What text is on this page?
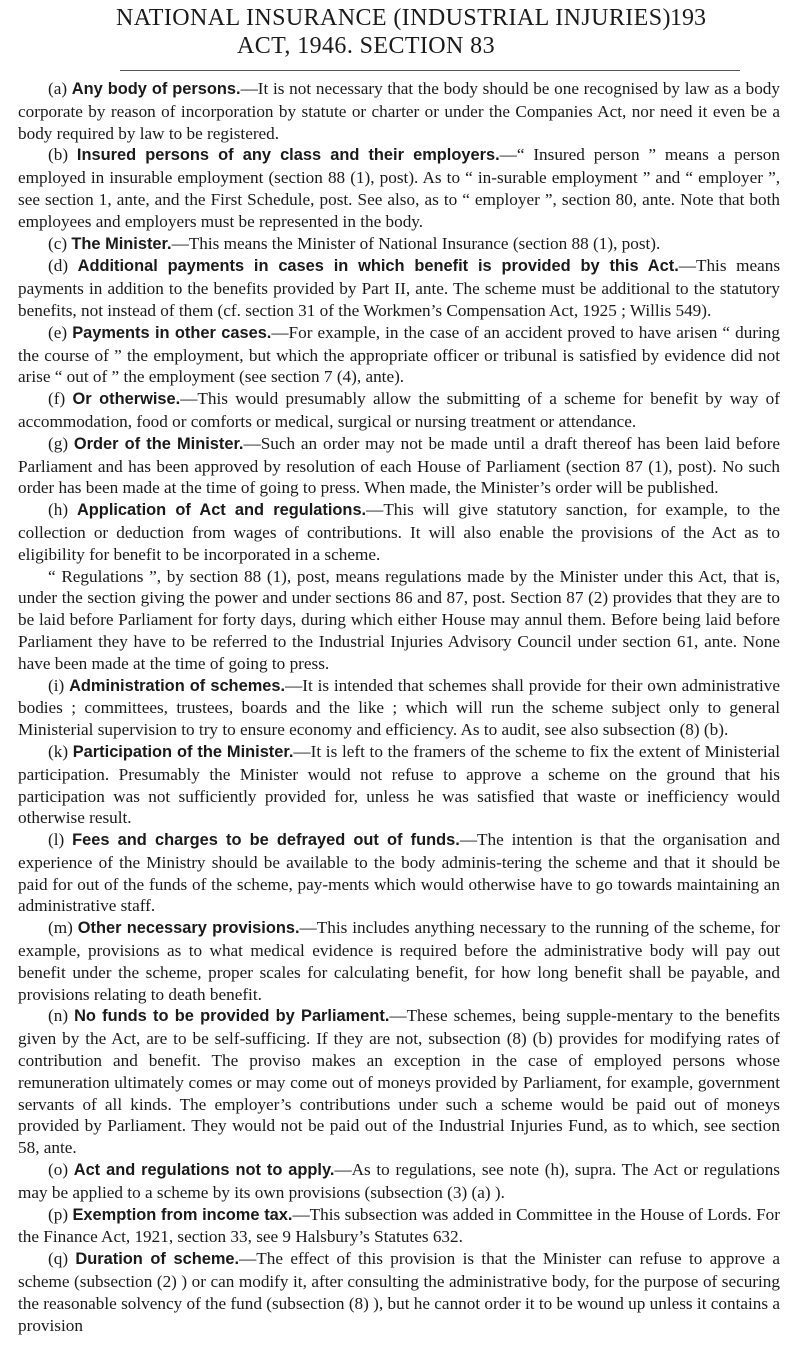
NATIONAL INSURANCE (INDUSTRIAL INJURIES)
ACT, 1946. SECTION 83
193

(a) Any body of persons.—It is not necessary that the body should be one recognised by law as a body corporate by reason of incorporation by statute or charter or under the Companies Act, nor need it even be a body required by law to be registered.

(b) Insured persons of any class and their employers.—“ Insured person ” means a person employed in insurable employment (section 88 (1), post). As to “ in-surable employment ” and “ employer ”, see section 1, ante, and the First Schedule, post. See also, as to “ employer ”, section 80, ante. Note that both employees and employers must be represented in the body.

(c) The Minister.—This means the Minister of National Insurance (section 88 (1), post).

(d) Additional payments in cases in which benefit is provided by this Act.—This means payments in addition to the benefits provided by Part II, ante. The scheme must be additional to the statutory benefits, not instead of them (cf. section 31 of the Workmen’s Compensation Act, 1925 ; Willis 549).

(e) Payments in other cases.—For example, in the case of an accident proved to have arisen “ during the course of ” the employment, but which the appropriate officer or tribunal is satisfied by evidence did not arise “ out of ” the employment (see section 7 (4), ante).

(f) Or otherwise.—This would presumably allow the submitting of a scheme for benefit by way of accommodation, food or comforts or medical, surgical or nursing treatment or attendance.

(g) Order of the Minister.—Such an order may not be made until a draft thereof has been laid before Parliament and has been approved by resolution of each House of Parliament (section 87 (1), post). No such order has been made at the time of going to press. When made, the Minister’s order will be published.

(h) Application of Act and regulations.—This will give statutory sanction, for example, to the collection or deduction from wages of contributions. It will also enable the provisions of the Act as to eligibility for benefit to be incorporated in a scheme.

“ Regulations ”, by section 88 (1), post, means regulations made by the Minister under this Act, that is, under the section giving the power and under sections 86 and 87, post. Section 87 (2) provides that they are to be laid before Parliament for forty days, during which either House may annul them. Before being laid before Parliament they have to be referred to the Industrial Injuries Advisory Council under section 61, ante. None have been made at the time of going to press.

(i) Administration of schemes.—It is intended that schemes shall provide for their own administrative bodies ; committees, trustees, boards and the like ; which will run the scheme subject only to general Ministerial supervision to try to ensure economy and efficiency. As to audit, see also subsection (8) (b).

(k) Participation of the Minister.—It is left to the framers of the scheme to fix the extent of Ministerial participation. Presumably the Minister would not refuse to approve a scheme on the ground that his participation was not sufficiently provided for, unless he was satisfied that waste or inefficiency would otherwise result.

(l) Fees and charges to be defrayed out of funds.—The intention is that the organisation and experience of the Ministry should be available to the body adminis-tering the scheme and that it should be paid for out of the funds of the scheme, pay-ments which would otherwise have to go towards maintaining an administrative staff.

(m) Other necessary provisions.—This includes anything necessary to the running of the scheme, for example, provisions as to what medical evidence is required before the administrative body will pay out benefit under the scheme, proper scales for calculating benefit, for how long benefit shall be payable, and provisions relating to death benefit.

(n) No funds to be provided by Parliament.—These schemes, being supple-mentary to the benefits given by the Act, are to be self-sufficing. If they are not, subsection (8) (b) provides for modifying rates of contribution and benefit. The proviso makes an exception in the case of employed persons whose remuneration ultimately comes or may come out of moneys provided by Parliament, for example, government servants of all kinds. The employer’s contributions under such a scheme would be paid out of moneys provided by Parliament. They would not be paid out of the Industrial Injuries Fund, as to which, see section 58, ante.

(o) Act and regulations not to apply.—As to regulations, see note (h), supra. The Act or regulations may be applied to a scheme by its own provisions (subsection (3) (a) ).

(p) Exemption from income tax.—This subsection was added in Committee in the House of Lords. For the Finance Act, 1921, section 33, see 9 Halsbury’s Statutes 632.

(q) Duration of scheme.—The effect of this provision is that the Minister can refuse to approve a scheme (subsection (2) ) or can modify it, after consulting the administrative body, for the purpose of securing the reasonable solvency of the fund (subsection (8) ), but he cannot order it to be wound up unless it contains a provision
